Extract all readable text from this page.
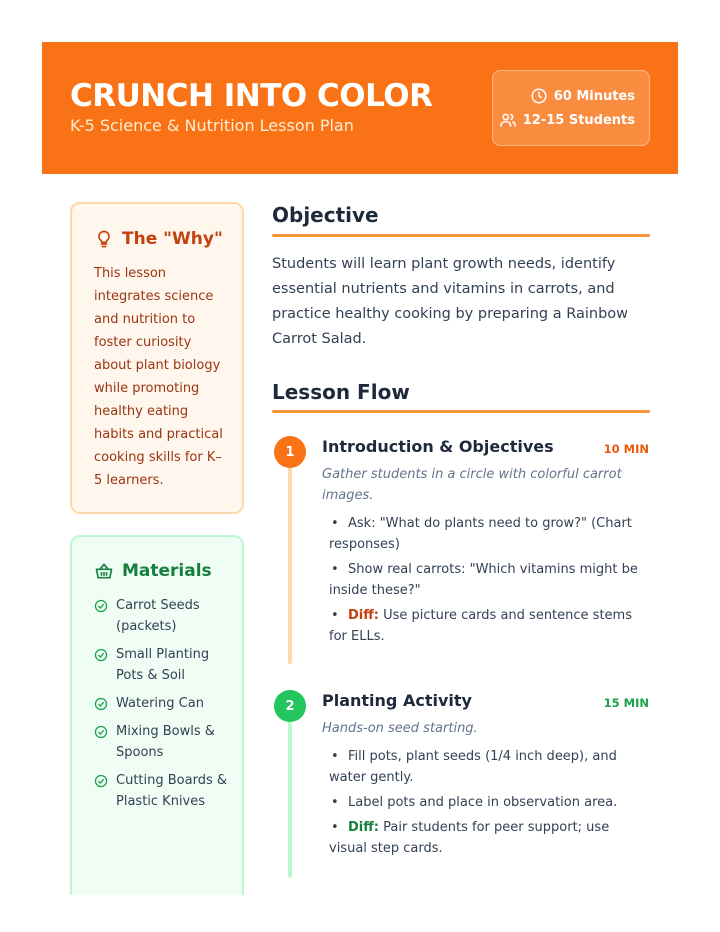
CRUNCH INTO COLOR
K-5 Science & Nutrition Lesson Plan
60 Minutes
12-15 Students
The "Why"
This lesson integrates science and nutrition to foster curiosity about plant biology while promoting healthy eating habits and practical cooking skills for K–5 learners.
Materials
Carrot Seeds (packets)
Small Planting Pots & Soil
Watering Can
Mixing Bowls & Spoons
Cutting Boards & Plastic Knives
Objective
Students will learn plant growth needs, identify essential nutrients and vitamins in carrots, and practice healthy cooking by preparing a Rainbow Carrot Salad.
Lesson Flow
1	Introduction & Objectives	10 MIN
Gather students in a circle with colorful carrot images.
• Ask: "What do plants need to grow?" (Chart responses)
• Show real carrots: "Which vitamins might be inside these?"
• Diff: Use picture cards and sentence stems for ELLs.
2	Planting Activity	15 MIN
Hands-on seed starting.
• Fill pots, plant seeds (1/4 inch deep), and water gently.
• Label pots and place in observation area.
• Diff: Pair students for peer support; use visual step cards.
